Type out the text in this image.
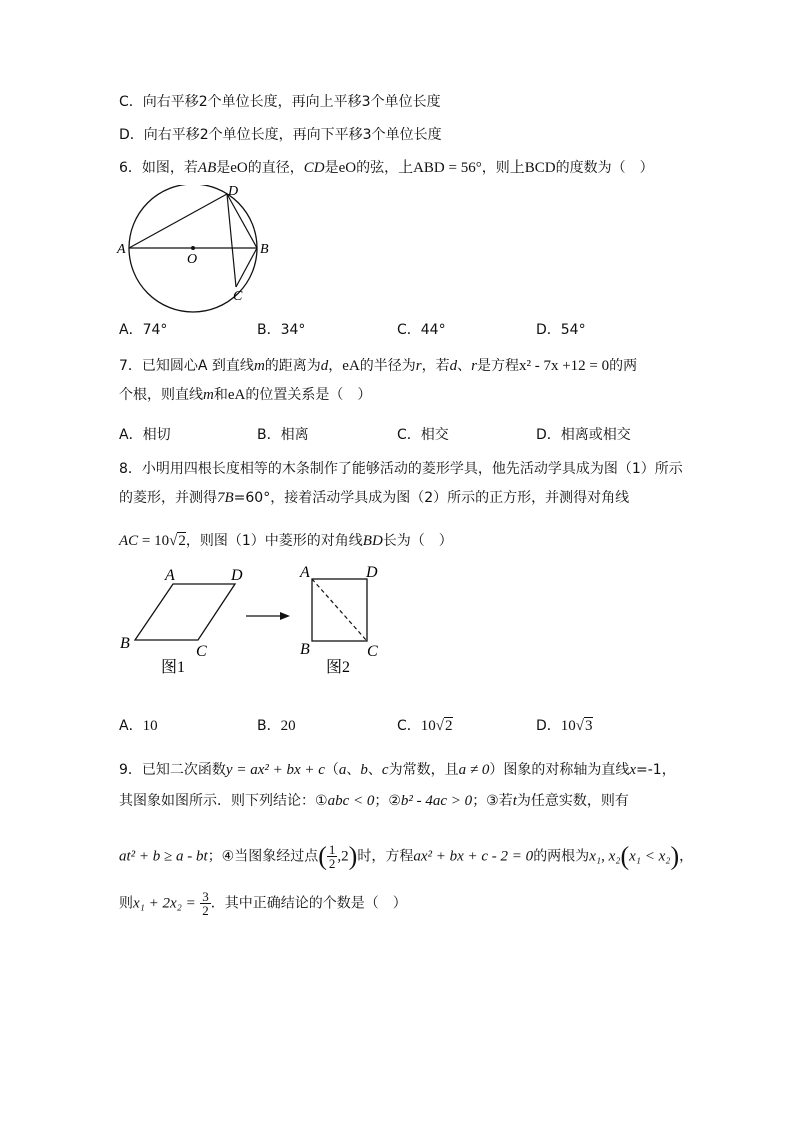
C．向右平移2个单位长度，再向上平移3个单位长度
D．向右平移2个单位长度，再向下平移3个单位长度
6．如图，若AB是eO的直径，CD是eO的弦，上ABD = 56°，则上BCD的度数为（　）
A	B
C
D
O
A．74°	B．34°	C．44°	D．54°
7．已知圆心A 到直线m的距离为d，eA的半径为r，若d、r是方程x² - 7x +12 = 0的两
个根，则直线m和eA的位置关系是（　）
A．相切	B．相离	C．相交	D．相离或相交
8．小明用四根长度相等的木条制作了能够活动的菱形学具，他先活动学具成为图（1）所示
的菱形，并测得7B=60°，接着活动学具成为图（2）所示的正方形，并测得对角线
AC = 10√2，则图（1）中菱形的对角线BD长为（　）
A	D
B	C
图1
A	D
B	C
图2
A．10	B．20	C．10√2	D．10√3
9．已知二次函数y = ax² + bx + c（a、b、c为常数，且a ≠ 0）图象的对称轴为直线x=-1，
其图象如图所示．则下列结论：①abc < 0；②b² - 4ac > 0；③若t为任意实数，则有
at² + b ≥ a - bt；④当图象经过点( $\frac{1}{2} ,2$)时，方程ax² + bx + c - 2 = 0的两根为x₁, x₂(x₁ < x₂)，
则$x_1 + 2x_2 = \frac{3}{2}$ ．其中正确结论的个数是（　）
